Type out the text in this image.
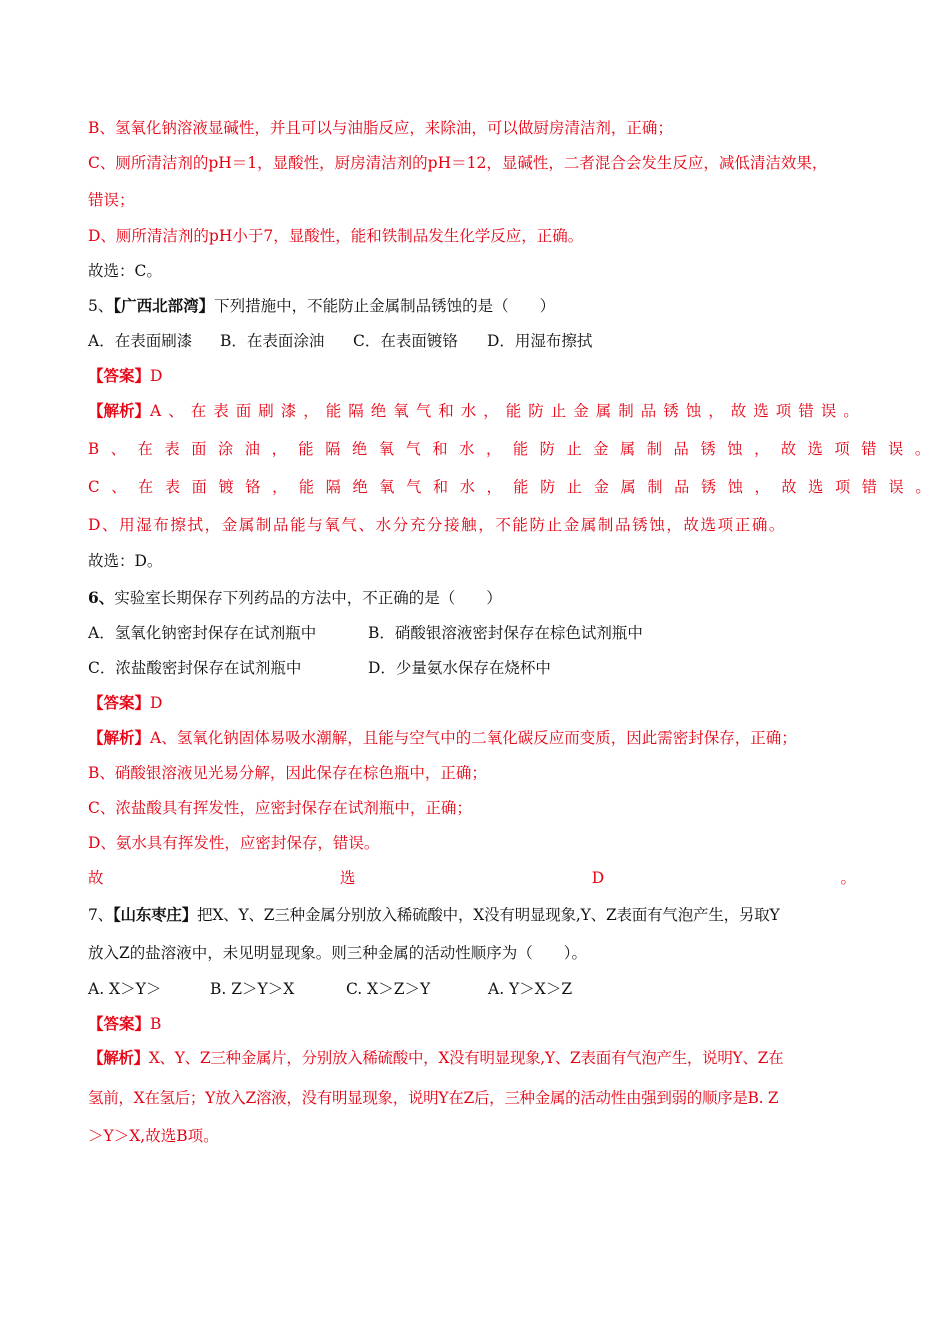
B、氢氧化钠溶液显碱性，并且可以与油脂反应，来除油，可以做厨房清洁剂，正确；
C、厕所清洁剂的pH＝1，显酸性，厨房清洁剂的pH＝12，显碱性，二者混合会发生反应，减低清洁效果，
错误；
D、厕所清洁剂的pH小于7，显酸性，能和铁制品发生化学反应，正确。
故选：C。
5、【广西北部湾】下列措施中，不能防止金属制品锈蚀的是（　　）
A．在表面刷漆 B．在表面涂油 C．在表面镀铬 D．用湿布擦拭
【答案】D
【解析】 A、在表面刷漆，能隔绝氧气和水，能防止金属制品锈蚀，故选项错误。
B、在表面涂油，能隔绝氧气和水，能防止金属制品锈蚀，故选项错误。
C、在表面镀铬，能隔绝氧气和水，能防止金属制品锈蚀，故选项错误。
D、用湿布擦拭，金属制品能与氧气、水分充分接触，不能防止金属制品锈蚀，故选项正确。
故选：D。
6、实验室长期保存下列药品的方法中，不正确的是（　　）
A．氢氧化钠密封保存在试剂瓶中	B．硝酸银溶液密封保存在棕色试剂瓶中
C．浓盐酸密封保存在试剂瓶中	D．少量氨水保存在烧杯中
【答案】D
【解析】A、氢氧化钠固体易吸水潮解，且能与空气中的二氧化碳反应而变质，因此需密封保存，正确；
B、硝酸银溶液见光易分解，因此保存在棕色瓶中，正确；
C、浓盐酸具有挥发性，应密封保存在试剂瓶中，正确；
D、氨水具有挥发性，应密封保存，错误。
故	选	D	。
7、【山东枣庄】把X、Y、Z三种金属分别放入稀硫酸中，X没有明显现象,Y、Z表面有气泡产生，另取Y
放入Z的盐溶液中，未见明显现象。则三种金属的活动性顺序为（　　）。
A. X＞Y＞	B. Z＞Y＞X	C. X＞Z＞Y	A. Y＞X＞Z
【答案】B
【解析】X、Y、Z三种金属片，分别放入稀硫酸中，X没有明显现象,Y、Z表面有气泡产生，说明Y、Z在
氢前，X在氢后；Y放入Z溶液，没有明显现象，说明Y在Z后，三种金属的活动性由强到弱的顺序是B. Z
＞Y＞X,故选B项。
